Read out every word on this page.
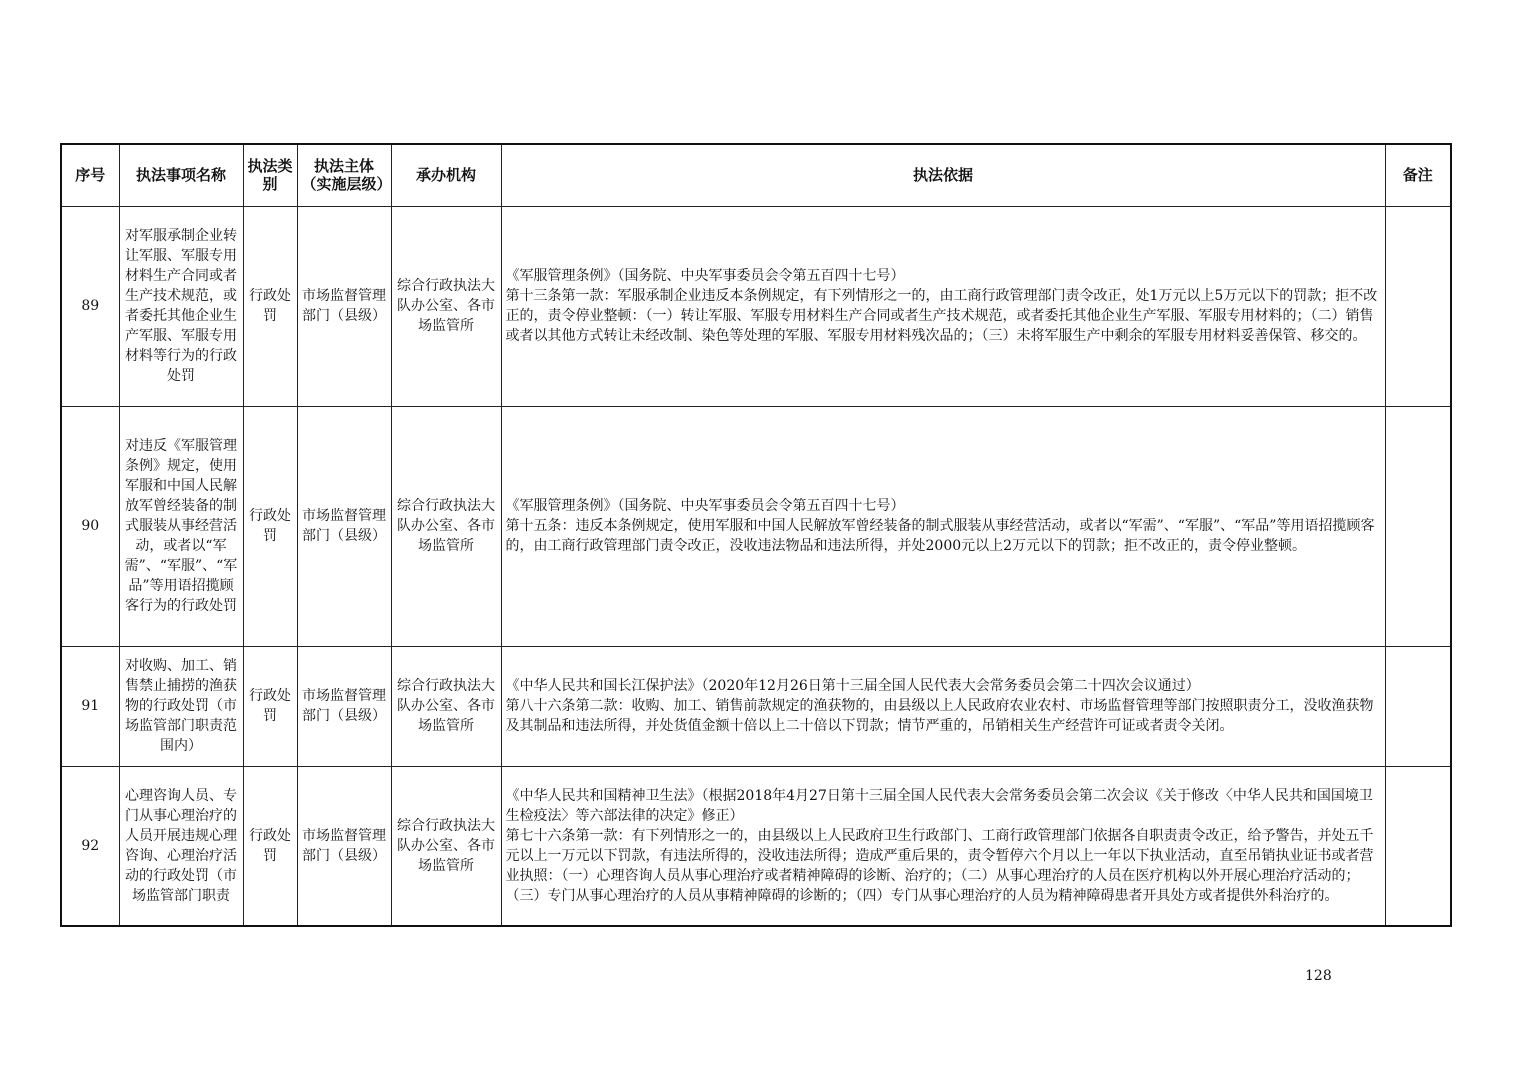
序号	执法事项名称	执法类别	执法主体（实施层级）	承办机构	执法依据	备注
89	对军服承制企业转让军服、军服专用材料生产合同或者生产技术规范，或者委托其他企业生产军服、军服专用材料等行为的行政处罚	行政处罚	市场监督管理部门（县级）	综合行政执法大队办公室、各市场监管所	《军服管理条例》（国务院、中央军事委员会令第五百四十七号）
第十三条第一款：军服承制企业违反本条例规定，有下列情形之一的，由工商行政管理部门责令改正，处1万元以上5万元以下的罚款；拒不改正的，责令停业整顿：（一）转让军服、军服专用材料生产合同或者生产技术规范，或者委托其他企业生产军服、军服专用材料的；（二）销售或者以其他方式转让未经改制、染色等处理的军服、军服专用材料残次品的；（三）未将军服生产中剩余的军服专用材料妥善保管、移交的。	
90	对违反《军服管理条例》规定，使用军服和中国人民解放军曾经装备的制式服装从事经营活动，或者以“军需”、“军服”、“军品”等用语招揽顾客行为的行政处罚	行政处罚	市场监督管理部门（县级）	综合行政执法大队办公室、各市场监管所	《军服管理条例》（国务院、中央军事委员会令第五百四十七号）
第十五条：违反本条例规定，使用军服和中国人民解放军曾经装备的制式服装从事经营活动，或者以“军需”、“军服”、“军品”等用语招揽顾客的，由工商行政管理部门责令改正，没收违法物品和违法所得，并处2000元以上2万元以下的罚款；拒不改正的，责令停业整顿。	
91	对收购、加工、销售禁止捕捞的渔获物的行政处罚（市场监管部门职责范围内）	行政处罚	市场监督管理部门（县级）	综合行政执法大队办公室、各市场监管所	《中华人民共和国长江保护法》（2020年12月26日第十三届全国人民代表大会常务委员会第二十四次会议通过）
第八十六条第二款：收购、加工、销售前款规定的渔获物的，由县级以上人民政府农业农村、市场监督管理等部门按照职责分工，没收渔获物及其制品和违法所得，并处货值金额十倍以上二十倍以下罚款；情节严重的，吊销相关生产经营许可证或者责令关闭。	
92	心理咨询人员、专门从事心理治疗的人员开展违规心理咨询、心理治疗活动的行政处罚（市场监管部门职责	行政处罚	市场监督管理部门（县级）	综合行政执法大队办公室、各市场监管所	《中华人民共和国精神卫生法》（根据2018年4月27日第十三届全国人民代表大会常务委员会第二次会议《关于修改〈中华人民共和国国境卫生检疫法〉等六部法律的决定》修正）
第七十六条第一款：有下列情形之一的，由县级以上人民政府卫生行政部门、工商行政管理部门依据各自职责责令改正，给予警告，并处五千元以上一万元以下罚款，有违法所得的，没收违法所得；造成严重后果的，责令暂停六个月以上一年以下执业活动，直至吊销执业证书或者营业执照：（一）心理咨询人员从事心理治疗或者精神障碍的诊断、治疗的；（二）从事心理治疗的人员在医疗机构以外开展心理治疗活动的；（三）专门从事心理治疗的人员从事精神障碍的诊断的；（四）专门从事心理治疗的人员为精神障碍患者开具处方或者提供外科治疗的。	
128
